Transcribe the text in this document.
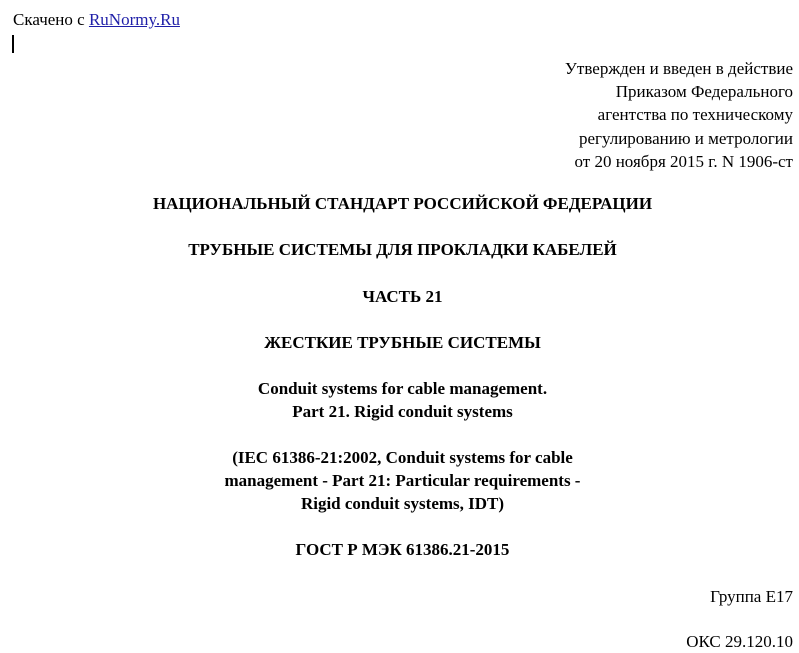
Скачено с RuNormy.Ru
Утвержден и введен в действие
Приказом Федерального
агентства по техническому
регулированию и метрологии
от 20 ноября 2015 г. N 1906-ст
НАЦИОНАЛЬНЫЙ СТАНДАРТ РОССИЙСКОЙ ФЕДЕРАЦИИ
ТРУБНЫЕ СИСТЕМЫ ДЛЯ ПРОКЛАДКИ КАБЕЛЕЙ
ЧАСТЬ 21
ЖЕСТКИЕ ТРУБНЫЕ СИСТЕМЫ
Conduit systems for cable management.
Part 21. Rigid conduit systems
(IEC 61386-21:2002, Conduit systems for cable
management - Part 21: Particular requirements -
Rigid conduit systems, IDT)
ГОСТ Р МЭК 61386.21-2015
Группа Е17
ОКС 29.120.10
